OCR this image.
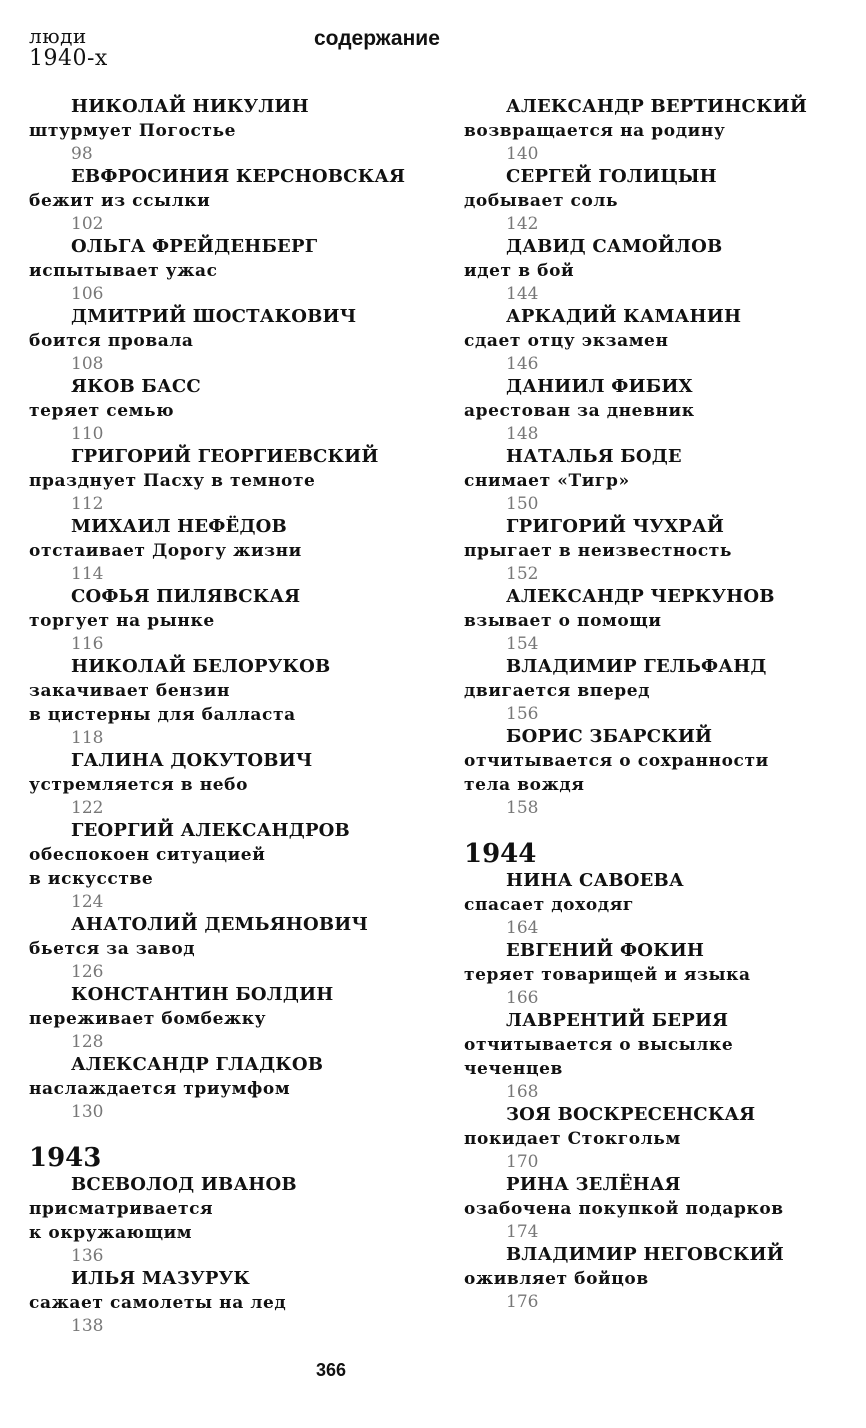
люди
1940-х
содержание
НИКОЛАЙ НИКУЛИН
штурмует Погостье
98
ЕВФРОСИНИЯ КЕРСНОВСКАЯ
бежит из ссылки
102
ОЛЬГА ФРЕЙДЕНБЕРГ
испытывает ужас
106
ДМИТРИЙ ШОСТАКОВИЧ
боится провала
108
ЯКОВ БАСС
теряет семью
110
ГРИГОРИЙ ГЕОРГИЕВСКИЙ
празднует Пасху в темноте
112
МИХАИЛ НЕФЁДОВ
отстаивает Дорогу жизни
114
СОФЬЯ ПИЛЯВСКАЯ
торгует на рынке
116
НИКОЛАЙ БЕЛОРУКОВ
закачивает бензин
в цистерны для балласта
118
ГАЛИНА ДОКУТОВИЧ
устремляется в небо
122
ГЕОРГИЙ АЛЕКСАНДРОВ
обеспокоен ситуацией
в искусстве
124
АНАТОЛИЙ ДЕМЬЯНОВИЧ
бьется за завод
126
КОНСТАНТИН БОЛДИН
переживает бомбежку
128
АЛЕКСАНДР ГЛАДКОВ
наслаждается триумфом
130
1943
ВСЕВОЛОД ИВАНОВ
присматривается
к окружающим
136
ИЛЬЯ МАЗУРУК
сажает самолеты на лед
138
АЛЕКСАНДР ВЕРТИНСКИЙ
возвращается на родину
140
СЕРГЕЙ ГОЛИЦЫН
добывает соль
142
ДАВИД САМОЙЛОВ
идет в бой
144
АРКАДИЙ КАМАНИН
сдает отцу экзамен
146
ДАНИИЛ ФИБИХ
арестован за дневник
148
НАТАЛЬЯ БОДЕ
снимает «Тигр»
150
ГРИГОРИЙ ЧУХРАЙ
прыгает в неизвестность
152
АЛЕКСАНДР ЧЕРКУНОВ
взывает о помощи
154
ВЛАДИМИР ГЕЛЬФАНД
двигается вперед
156
БОРИС ЗБАРСКИЙ
отчитывается о сохранности
тела вождя
158
1944
НИНА САВОЕВА
спасает доходяг
164
ЕВГЕНИЙ ФОКИН
теряет товарищей и языка
166
ЛАВРЕНТИЙ БЕРИЯ
отчитывается о высылке
чеченцев
168
ЗОЯ ВОСКРЕСЕНСКАЯ
покидает Стокгольм
170
РИНА ЗЕЛЁНАЯ
озабочена покупкой подарков
174
ВЛАДИМИР НЕГОВСКИЙ
оживляет бойцов
176
366
